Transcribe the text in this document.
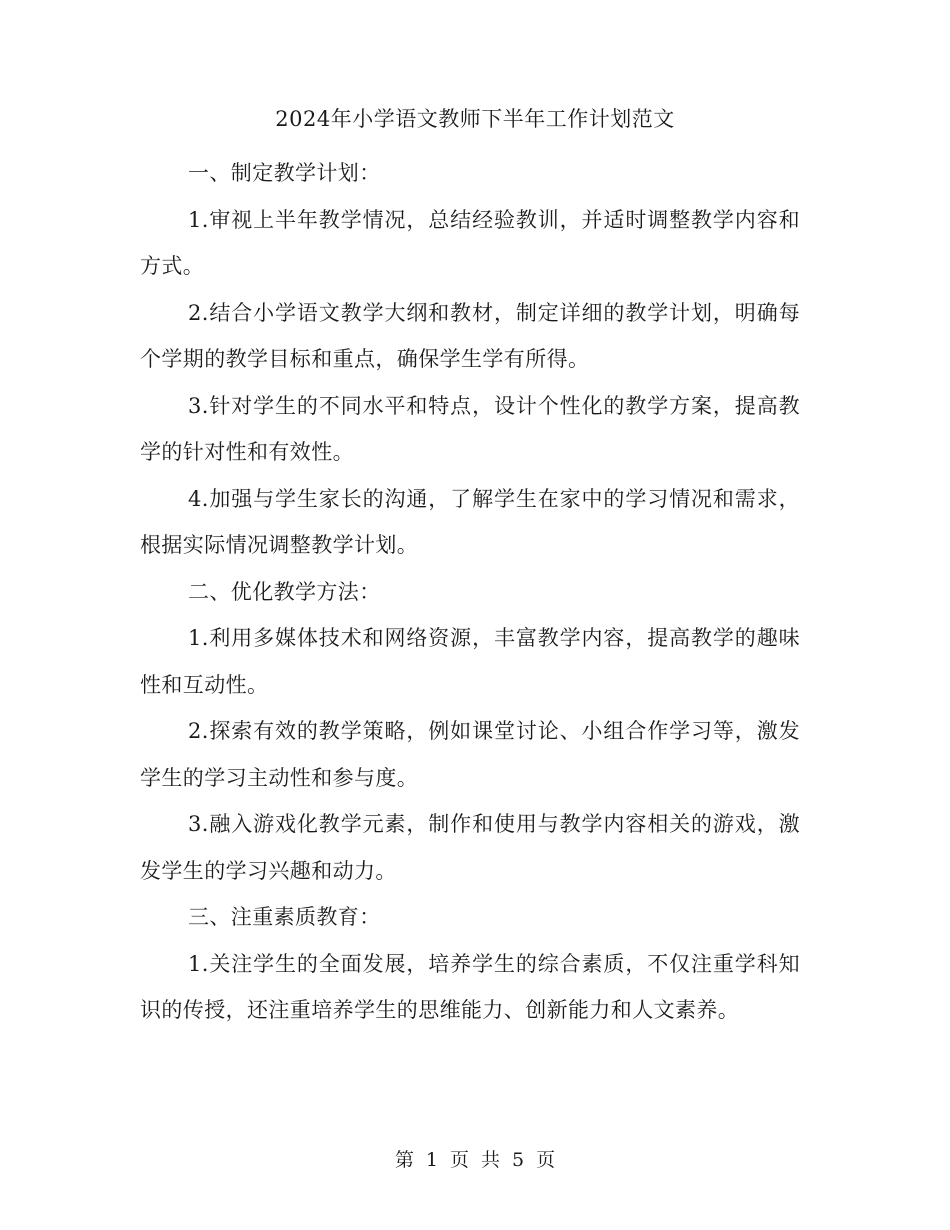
2024年小学语文教师下半年工作计划范文

一、制定教学计划：

1.审视上半年教学情况，总结经验教训，并适时调整教学内容和方式。

2.结合小学语文教学大纲和教材，制定详细的教学计划，明确每个学期的教学目标和重点，确保学生学有所得。

3.针对学生的不同水平和特点，设计个性化的教学方案，提高教学的针对性和有效性。

4.加强与学生家长的沟通，了解学生在家中的学习情况和需求，根据实际情况调整教学计划。

二、优化教学方法：

1.利用多媒体技术和网络资源，丰富教学内容，提高教学的趣味性和互动性。

2.探索有效的教学策略，例如课堂讨论、小组合作学习等，激发学生的学习主动性和参与度。

3.融入游戏化教学元素，制作和使用与教学内容相关的游戏，激发学生的学习兴趣和动力。

三、注重素质教育：

1.关注学生的全面发展，培养学生的综合素质，不仅注重学科知识的传授，还注重培养学生的思维能力、创新能力和人文素养。

第 1 页 共 5 页
